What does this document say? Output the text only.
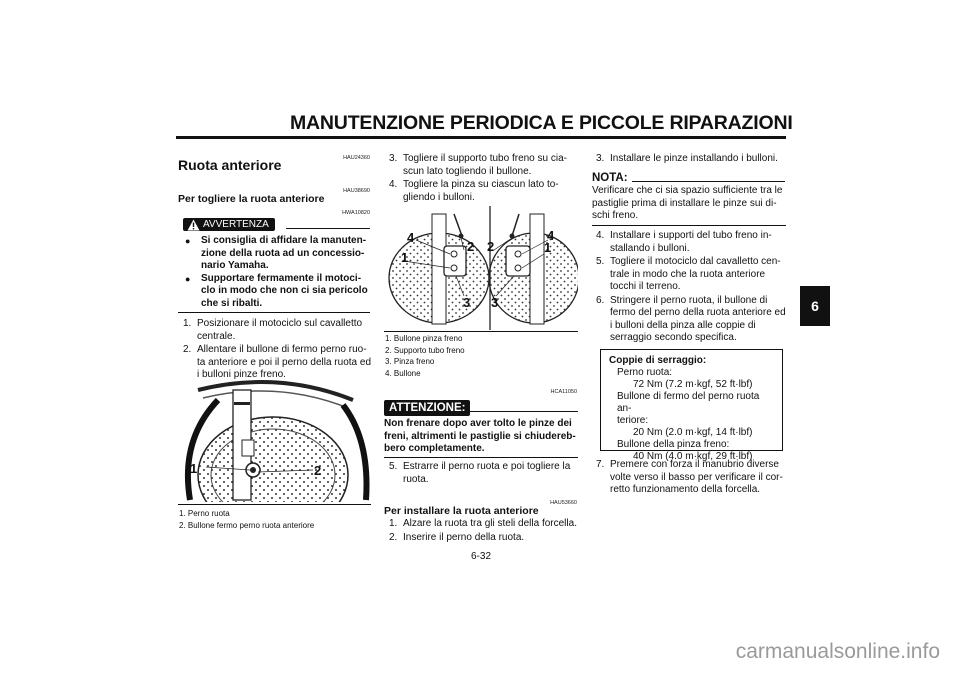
MANUTENZIONE PERIODICA E PICCOLE RIPARAZIONI
HAU24360
Ruota anteriore
HAU38690
Per togliere la ruota anteriore
HWA10820
AVVERTENZA
● Si consiglia di affidare la manuten-zione della ruota ad un concessio-nario Yamaha.
● Supportare fermamente il motoci-clo in modo che non ci sia pericolo che si ribalti.
1. Posizionare il motociclo sul cavalletto centrale.
2. Allentare il bullone di fermo perno ruo-ta anteriore e poi il perno della ruota ed i bulloni pinze freno.
1	2
1. Perno ruota
2. Bullone fermo perno ruota anteriore
3. Togliere il supporto tubo freno su cia-scun lato togliendo il bullone.
4. Togliere la pinza su ciascun lato to-gliendo i bulloni.
4
2
1
3
2
4
1
3
1. Bullone pinza freno
2. Supporto tubo freno
3. Pinza freno
4. Bullone
HCA11050
ATTENZIONE:
Non frenare dopo aver tolto le pinze dei freni, altrimenti le pastiglie si chiudereb-bero completamente.
5. Estrarre il perno ruota e poi togliere la ruota.
HAU53660
Per installare la ruota anteriore
1. Alzare la ruota tra gli steli della forcella.
2. Inserire il perno della ruota.
3. Installare le pinze installando i bulloni.
NOTA:
Verificare che ci sia spazio sufficiente tra le pastiglie prima di installare le pinze sui di-schi freno.
4. Installare i supporti del tubo freno in-stallando i bulloni.
5. Togliere il motociclo dal cavalletto cen-trale in modo che la ruota anteriore tocchi il terreno.
6. Stringere il perno ruota, il bullone di fermo del perno della ruota anteriore ed i bulloni della pinza alle coppie di serraggio secondo specifica.
Coppie di serraggio:
Perno ruota:
72 Nm (7.2 m·kgf, 52 ft·lbf)
Bullone di fermo del perno ruota an-
teriore:
20 Nm (2.0 m·kgf, 14 ft·lbf)
Bullone della pinza freno:
40 Nm (4.0 m·kgf, 29 ft·lbf)
7. Premere con forza il manubrio diverse volte verso il basso per verificare il cor-retto funzionamento della forcella.
6
6-32
carmanualsonline.info
